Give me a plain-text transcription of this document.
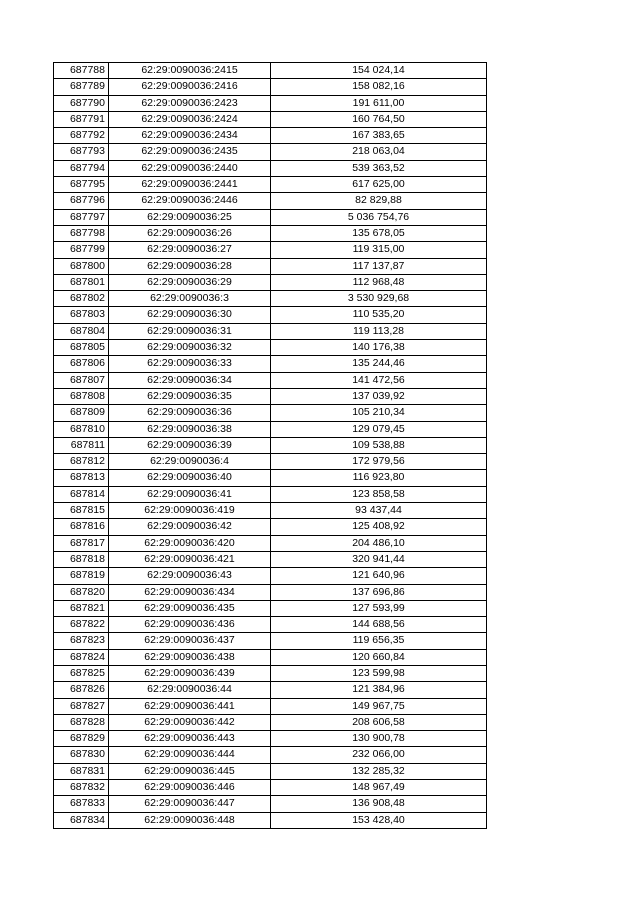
687788	62:29:0090036:2415	154 024,14
687789	62:29:0090036:2416	158 082,16
687790	62:29:0090036:2423	191 611,00
687791	62:29:0090036:2424	160 764,50
687792	62:29:0090036:2434	167 383,65
687793	62:29:0090036:2435	218 063,04
687794	62:29:0090036:2440	539 363,52
687795	62:29:0090036:2441	617 625,00
687796	62:29:0090036:2446	82 829,88
687797	62:29:0090036:25	5 036 754,76
687798	62:29:0090036:26	135 678,05
687799	62:29:0090036:27	119 315,00
687800	62:29:0090036:28	117 137,87
687801	62:29:0090036:29	112 968,48
687802	62:29:0090036:3	3 530 929,68
687803	62:29:0090036:30	110 535,20
687804	62:29:0090036:31	119 113,28
687805	62:29:0090036:32	140 176,38
687806	62:29:0090036:33	135 244,46
687807	62:29:0090036:34	141 472,56
687808	62:29:0090036:35	137 039,92
687809	62:29:0090036:36	105 210,34
687810	62:29:0090036:38	129 079,45
687811	62:29:0090036:39	109 538,88
687812	62:29:0090036:4	172 979,56
687813	62:29:0090036:40	116 923,80
687814	62:29:0090036:41	123 858,58
687815	62:29:0090036:419	93 437,44
687816	62:29:0090036:42	125 408,92
687817	62:29:0090036:420	204 486,10
687818	62:29:0090036:421	320 941,44
687819	62:29:0090036:43	121 640,96
687820	62:29:0090036:434	137 696,86
687821	62:29:0090036:435	127 593,99
687822	62:29:0090036:436	144 688,56
687823	62:29:0090036:437	119 656,35
687824	62:29:0090036:438	120 660,84
687825	62:29:0090036:439	123 599,98
687826	62:29:0090036:44	121 384,96
687827	62:29:0090036:441	149 967,75
687828	62:29:0090036:442	208 606,58
687829	62:29:0090036:443	130 900,78
687830	62:29:0090036:444	232 066,00
687831	62:29:0090036:445	132 285,32
687832	62:29:0090036:446	148 967,49
687833	62:29:0090036:447	136 908,48
687834	62:29:0090036:448	153 428,40
